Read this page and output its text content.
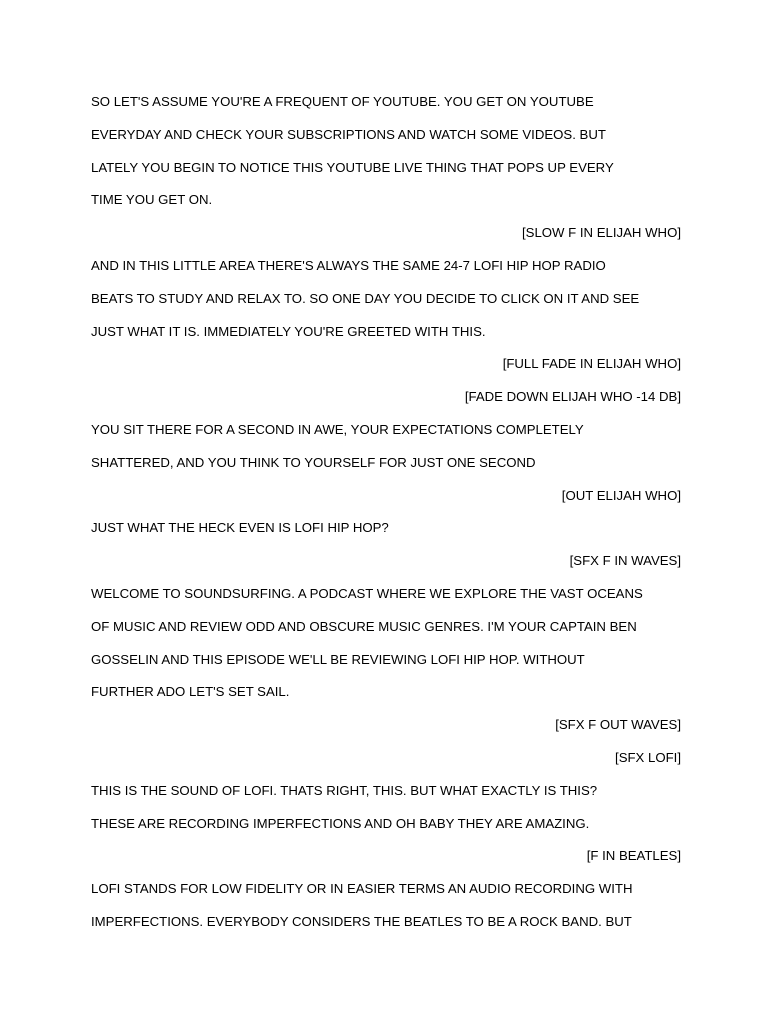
SO LET'S ASSUME YOU'RE A FREQUENT OF YOUTUBE. YOU GET ON YOUTUBE
EVERYDAY AND CHECK YOUR SUBSCRIPTIONS AND WATCH SOME VIDEOS. BUT
LATELY YOU BEGIN TO NOTICE THIS YOUTUBE LIVE THING THAT POPS UP EVERY
TIME YOU GET ON.
[SLOW F IN ELIJAH WHO]
AND IN THIS LITTLE AREA THERE'S ALWAYS THE SAME 24-7 LOFI HIP HOP RADIO
BEATS TO STUDY AND RELAX TO. SO ONE DAY YOU DECIDE TO CLICK ON IT AND SEE
JUST WHAT IT IS. IMMEDIATELY YOU'RE GREETED WITH THIS.
[FULL FADE IN ELIJAH WHO]
[FADE DOWN ELIJAH WHO -14 DB]
YOU SIT THERE FOR A SECOND IN AWE, YOUR EXPECTATIONS COMPLETELY
SHATTERED, AND YOU THINK TO YOURSELF FOR JUST ONE SECOND
[OUT ELIJAH WHO]
JUST WHAT THE HECK EVEN IS LOFI HIP HOP?
[SFX F IN WAVES]
WELCOME TO SOUNDSURFING. A PODCAST WHERE WE EXPLORE THE VAST OCEANS
OF MUSIC AND REVIEW ODD AND OBSCURE MUSIC GENRES. I'M YOUR CAPTAIN BEN
GOSSELIN AND THIS EPISODE WE'LL BE REVIEWING LOFI HIP HOP. WITHOUT
FURTHER ADO LET'S SET SAIL.
[SFX F OUT WAVES]
[SFX LOFI]
THIS IS THE SOUND OF LOFI. THATS RIGHT, THIS. BUT WHAT EXACTLY IS THIS?
THESE ARE RECORDING IMPERFECTIONS AND OH BABY THEY ARE AMAZING.
[F IN BEATLES]
LOFI STANDS FOR LOW FIDELITY OR IN EASIER TERMS AN AUDIO RECORDING WITH
IMPERFECTIONS. EVERYBODY CONSIDERS THE BEATLES TO BE A ROCK BAND. BUT
